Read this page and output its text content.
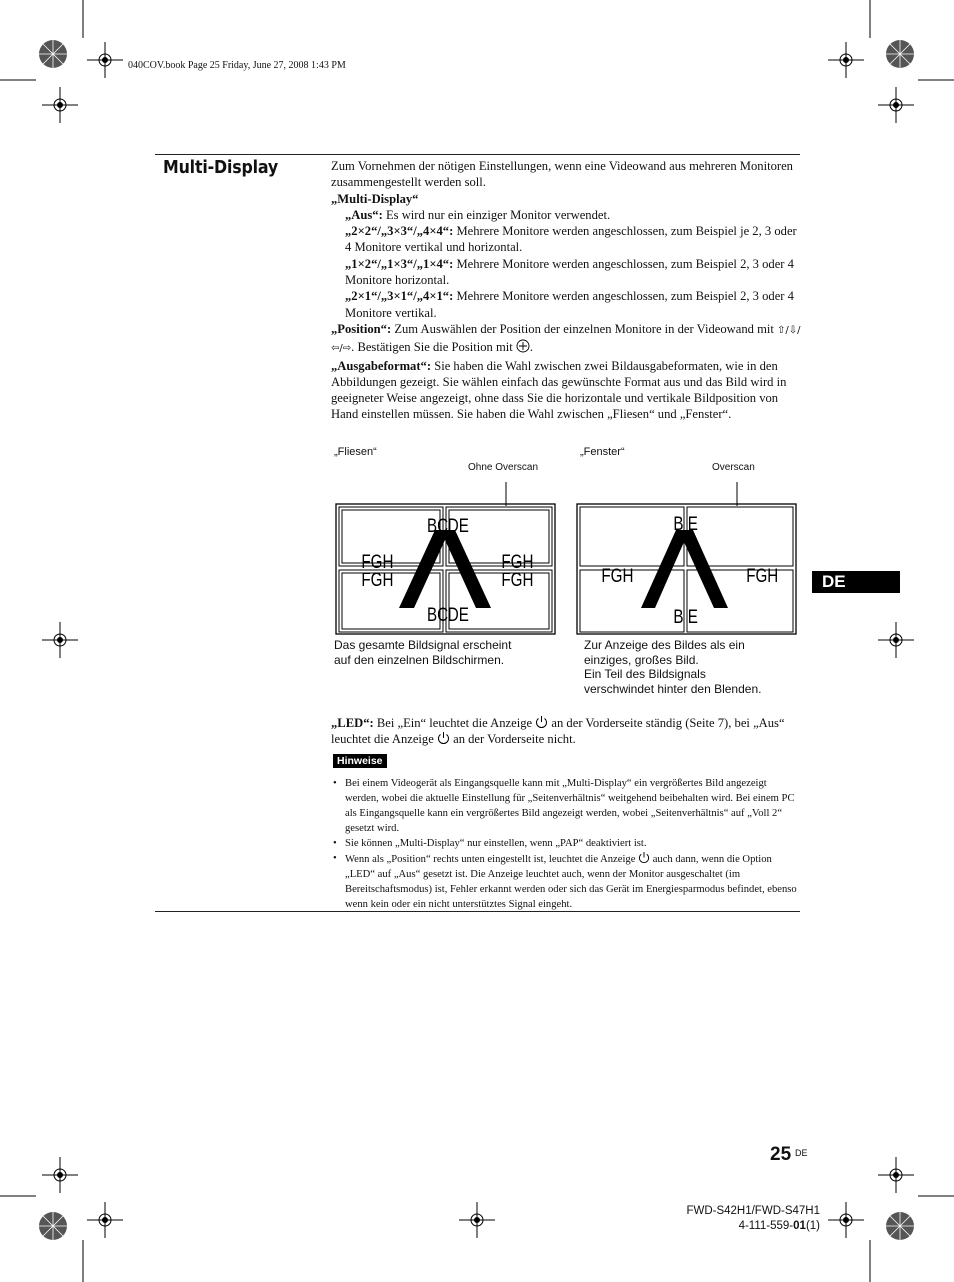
040COV.book Page 25 Friday, June 27, 2008 1:43 PM
Multi-Display	Zum Vornehmen der nötigen Einstellungen, wenn eine Videowand aus mehreren Monitoren zusammengestellt werden soll.

„Multi-Display“

„Aus“: Es wird nur ein einziger Monitor verwendet.

„2×2“/„3×3“/„4×4“: Mehrere Monitore werden angeschlossen, zum Beispiel je 2, 3 oder 4 Monitore vertikal und horizontal.

„1×2“/„1×3“/„1×4“: Mehrere Monitore werden angeschlossen, zum Beispiel 2, 3 oder 4 Monitore horizontal.

„2×1“/„3×1“/„4×1“: Mehrere Monitore werden angeschlossen, zum Beispiel 2, 3 oder 4 Monitore vertikal.

„Position“: Zum Auswählen der Position der einzelnen Monitore in der Videowand mit ⇧/⇩/⇦/⇨. Bestätigen Sie die Position mit .

„Ausgabeformat“: Sie haben die Wahl zwischen zwei Bildausgabeformaten, wie in den Abbildungen gezeigt. Sie wählen einfach das gewünschte Format aus und das Bild wird in geeigneter Weise angezeigt, ohne dass Sie die horizontale und vertikale Bildposition von Hand einstellen müssen. Sie haben die Wahl zwischen „Fliesen“ und „Fenster“.

„Fliesen“
Ohne Overscan
„Fenster“
Overscan
BC DE
FGH
FGH
FGH
FGH
BC DE
B E
FGH	FGH
B E
Das gesamte Bildsignal erscheint
auf den einzelnen Bildschirmen.
Zur Anzeige des Bildes als ein
einziges, großes Bild.
Ein Teil des Bildsignals
verschwindet hinter den Blenden.

„LED“: Bei „Ein“ leuchtet die Anzeige  an der Vorderseite ständig (Seite 7), bei „Aus“ leuchtet die Anzeige  an der Vorderseite nicht.

Hinweise
• Bei einem Videogerät als Eingangsquelle kann mit „Multi-Display“ ein vergrößertes Bild angezeigt werden, wobei die aktuelle Einstellung für „Seitenverhältnis“ weitgehend beibehalten wird. Bei einem PC als Eingangsquelle kann ein vergrößertes Bild angezeigt werden, wobei „Seitenverhältnis“ auf „Voll 2“ gesetzt wird.
• Sie können „Multi-Display“ nur einstellen, wenn „PAP“ deaktiviert ist.
• Wenn als „Position“ rechts unten eingestellt ist, leuchtet die Anzeige  auch dann, wenn die Option „LED“ auf „Aus“ gesetzt ist. Die Anzeige leuchtet auch, wenn der Monitor ausgeschaltet (im Bereitschaftsmodus) ist, Fehler erkannt werden oder sich das Gerät im Energiesparmodus befindet, ebenso wenn kein oder ein nicht unterstütztes Signal eingeht.
DE
25 DE
FWD-S42H1/FWD-S47H1
4-111-559-01(1)
